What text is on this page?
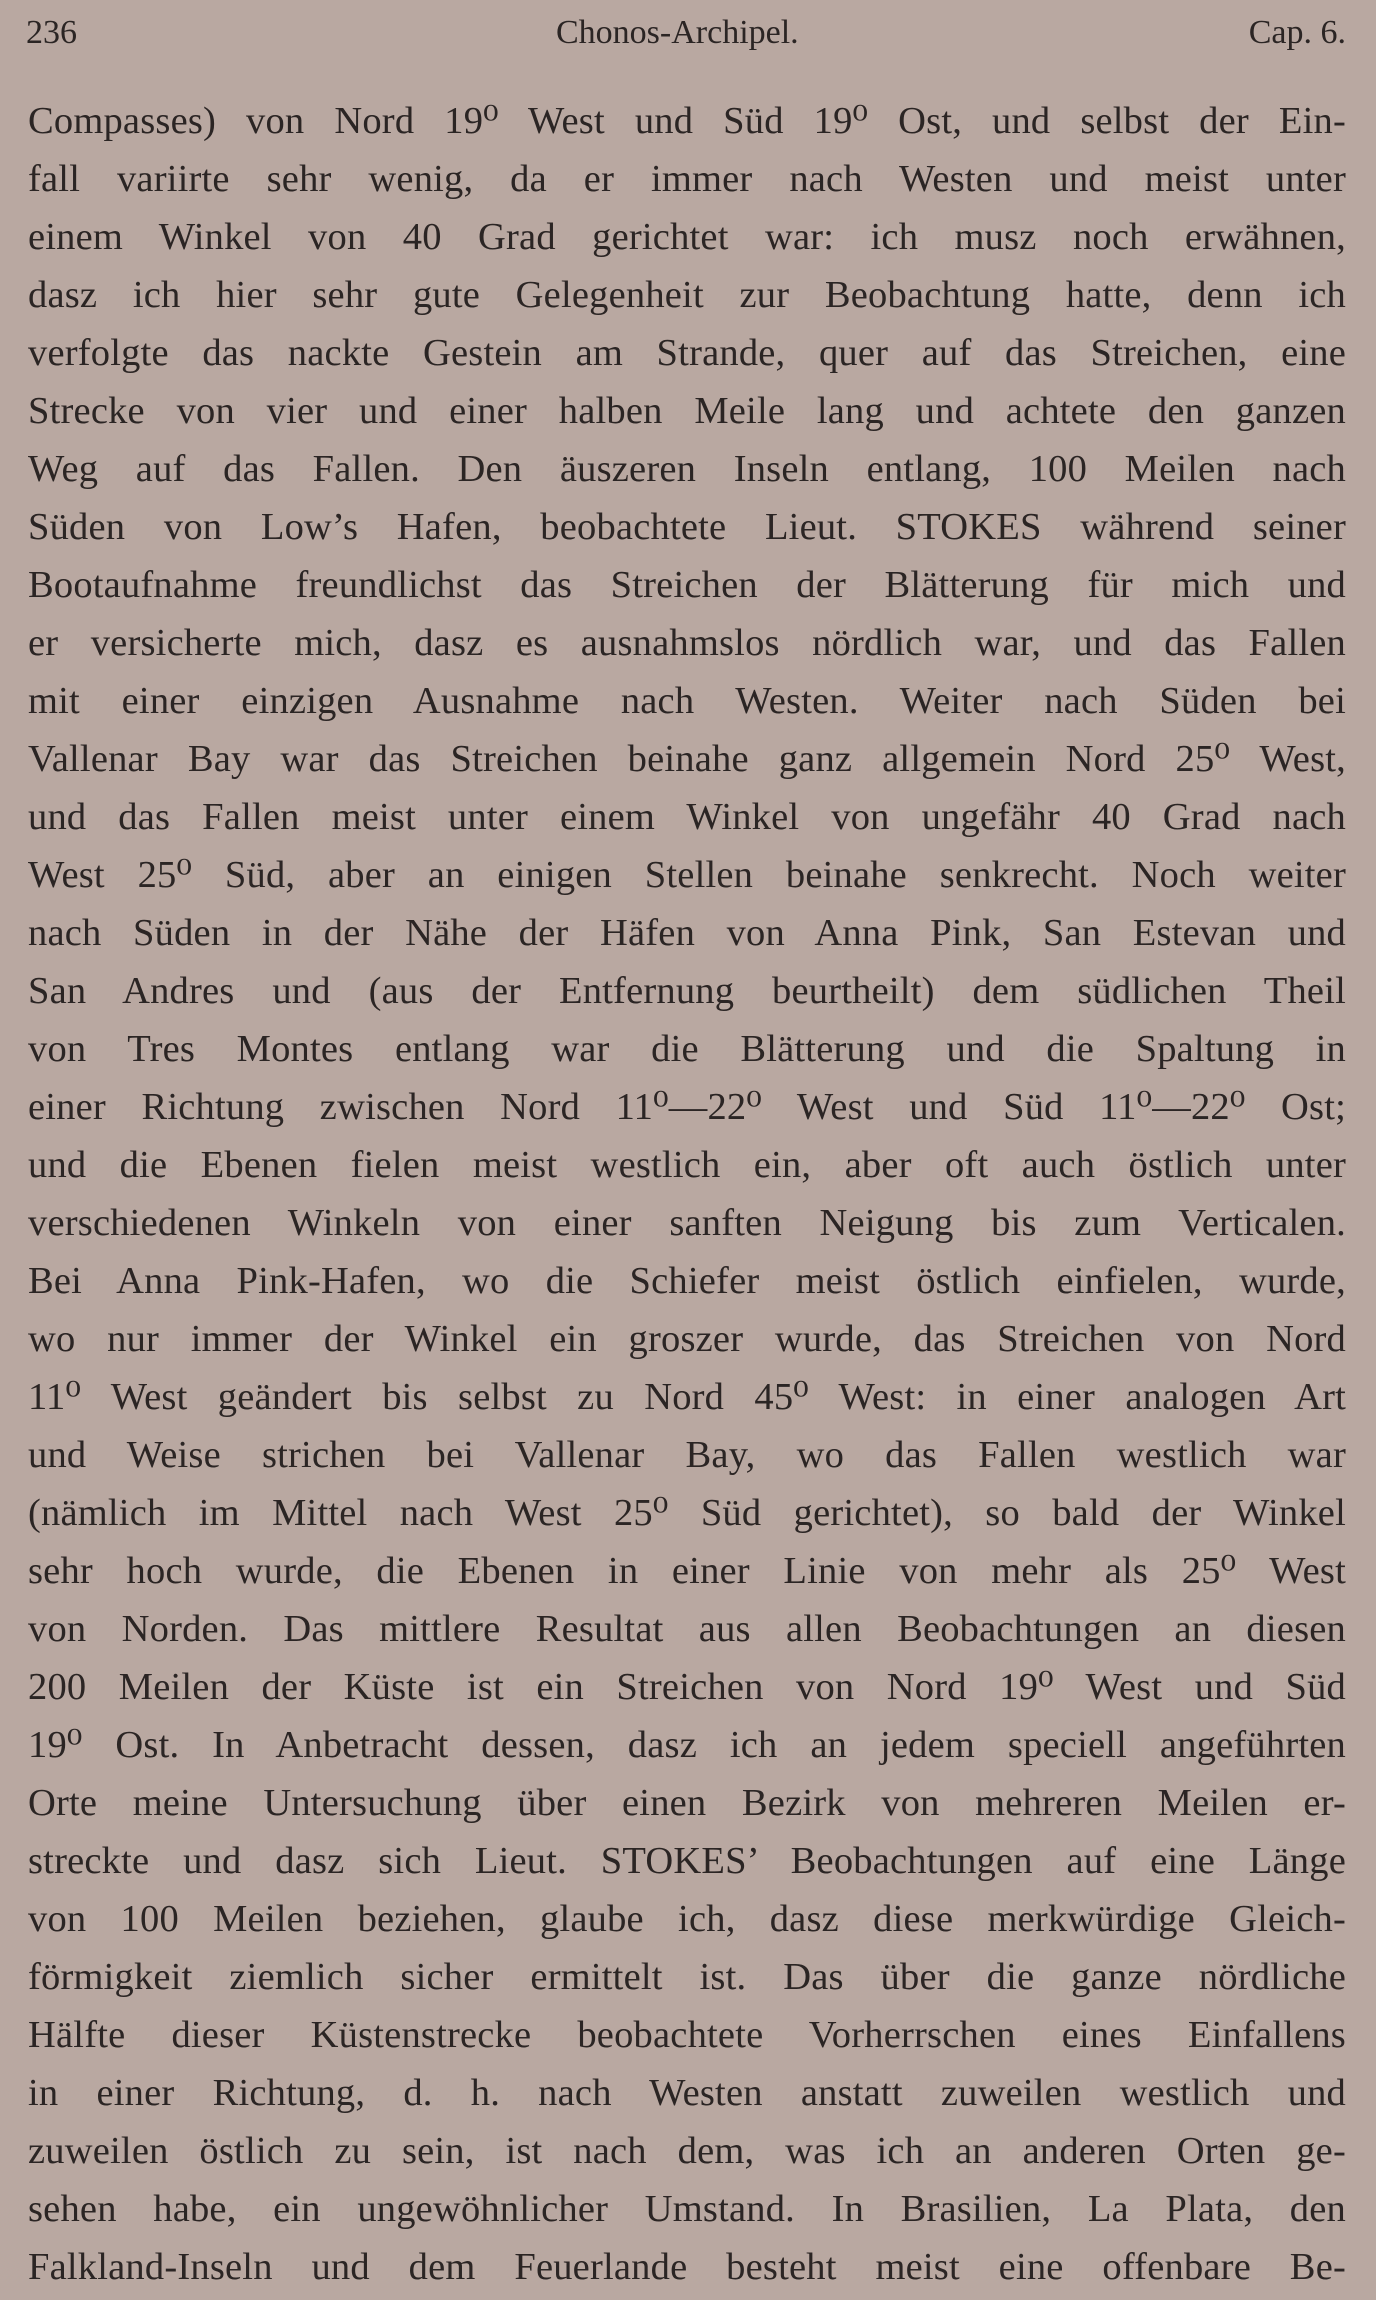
236	Chonos-Archipel.	Cap. 6.
Compasses) von Nord 19⁰ West und Süd 19⁰ Ost, und selbst der Ein-
fall variirte sehr wenig, da er immer nach Westen und meist unter
einem Winkel von 40 Grad gerichtet war: ich musz noch erwähnen,
dasz ich hier sehr gute Gelegenheit zur Beobachtung hatte, denn ich
verfolgte das nackte Gestein am Strande, quer auf das Streichen, eine
Strecke von vier und einer halben Meile lang und achtete den ganzen
Weg auf das Fallen. Den äuszeren Inseln entlang, 100 Meilen nach
Süden von Low’s Hafen, beobachtete Lieut. STOKES während seiner
Bootaufnahme freundlichst das Streichen der Blätterung für mich und
er versicherte mich, dasz es ausnahmslos nördlich war, und das Fallen
mit einer einzigen Ausnahme nach Westen. Weiter nach Süden bei
Vallenar Bay war das Streichen beinahe ganz allgemein Nord 25⁰ West,
und das Fallen meist unter einem Winkel von ungefähr 40 Grad nach
West 25⁰ Süd, aber an einigen Stellen beinahe senkrecht. Noch weiter
nach Süden in der Nähe der Häfen von Anna Pink, San Estevan und
San Andres und (aus der Entfernung beurtheilt) dem südlichen Theil
von Tres Montes entlang war die Blätterung und die Spaltung in
einer Richtung zwischen Nord 11⁰—22⁰ West und Süd 11⁰—22⁰ Ost;
und die Ebenen fielen meist westlich ein, aber oft auch östlich unter
verschiedenen Winkeln von einer sanften Neigung bis zum Verticalen.
Bei Anna Pink-Hafen, wo die Schiefer meist östlich einfielen, wurde,
wo nur immer der Winkel ein groszer wurde, das Streichen von Nord
11⁰ West geändert bis selbst zu Nord 45⁰ West: in einer analogen Art
und Weise strichen bei Vallenar Bay, wo das Fallen westlich war
(nämlich im Mittel nach West 25⁰ Süd gerichtet), so bald der Winkel
sehr hoch wurde, die Ebenen in einer Linie von mehr als 25⁰ West
von Norden. Das mittlere Resultat aus allen Beobachtungen an diesen
200 Meilen der Küste ist ein Streichen von Nord 19⁰ West und Süd
19⁰ Ost. In Anbetracht dessen, dasz ich an jedem speciell angeführten
Orte meine Untersuchung über einen Bezirk von mehreren Meilen er-
streckte und dasz sich Lieut. STOKES’ Beobachtungen auf eine Länge
von 100 Meilen beziehen, glaube ich, dasz diese merkwürdige Gleich-
förmigkeit ziemlich sicher ermittelt ist. Das über die ganze nördliche
Hälfte dieser Küstenstrecke beobachtete Vorherrschen eines Einfallens
in einer Richtung, d. h. nach Westen anstatt zuweilen westlich und
zuweilen östlich zu sein, ist nach dem, was ich an anderen Orten ge-
sehen habe, ein ungewöhnlicher Umstand. In Brasilien, La Plata, den
Falkland-Inseln und dem Feuerlande besteht meist eine offenbare Be-
